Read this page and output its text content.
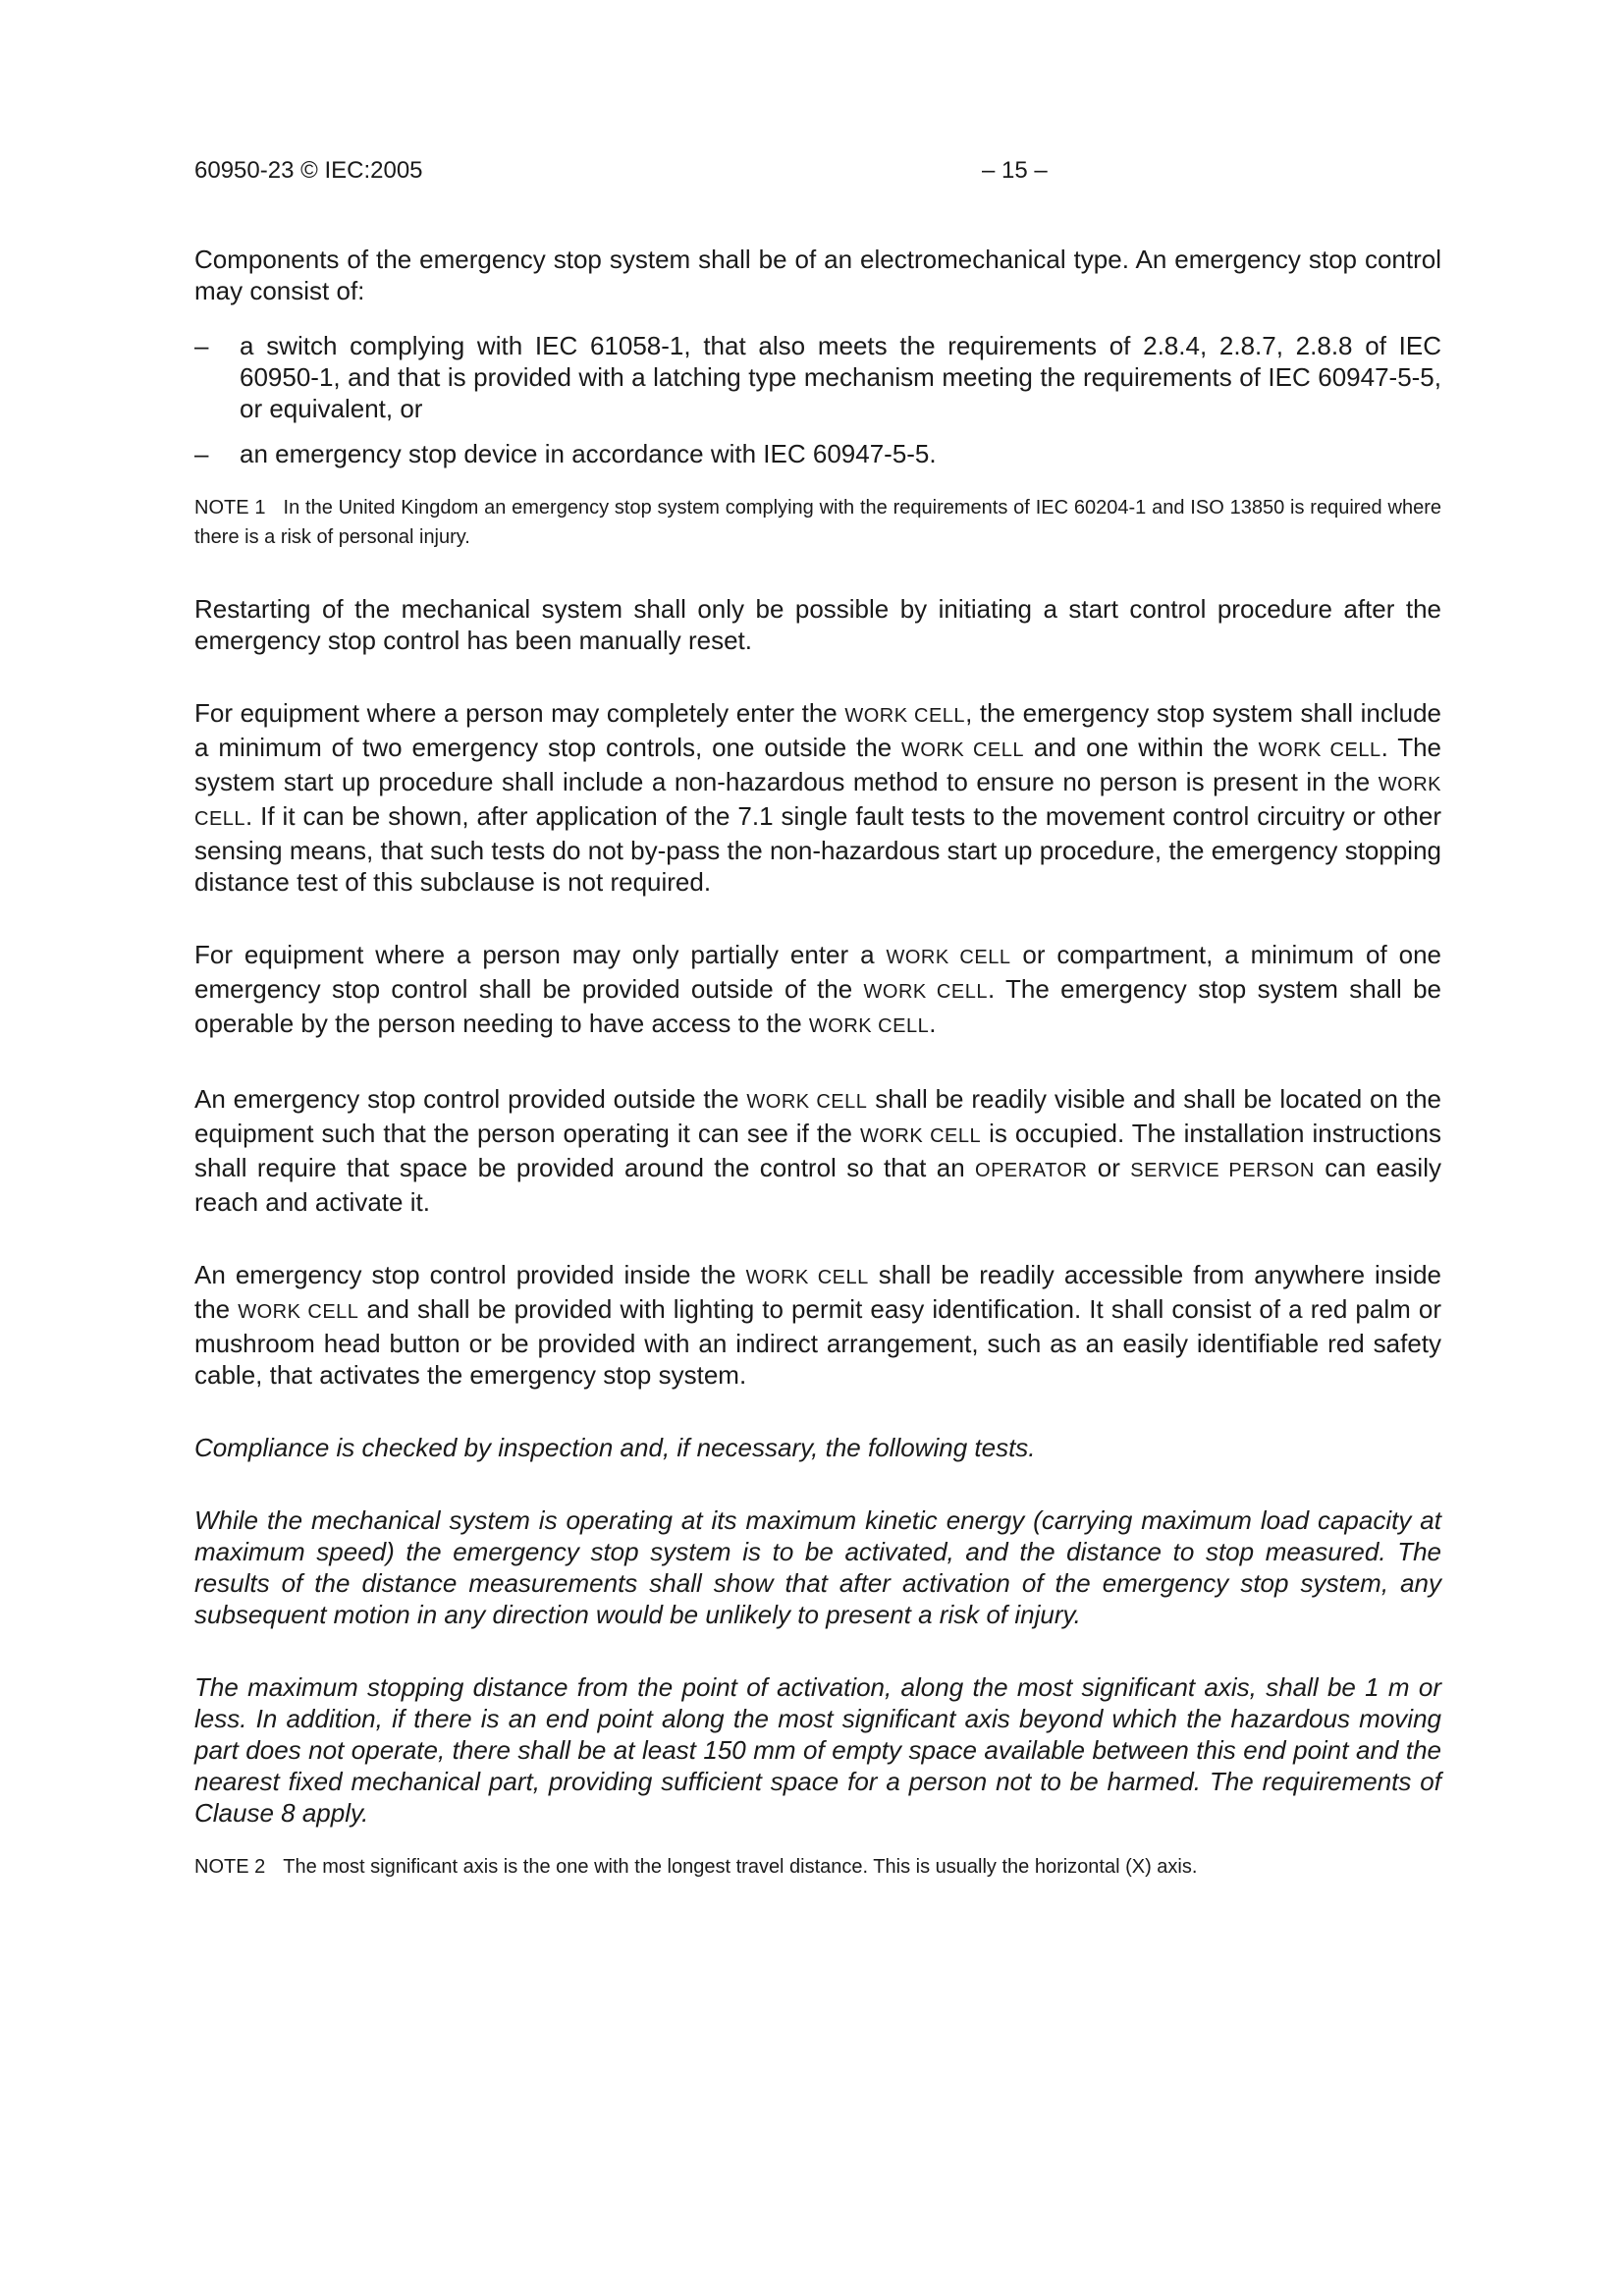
60950-23 © IEC:2005	– 15 –

Components of the emergency stop system shall be of an electromechanical type. An emergency stop control may consist of:

– a switch complying with IEC 61058-1, that also meets the requirements of 2.8.4, 2.8.7, 2.8.8 of IEC 60950-1, and that is provided with a latching type mechanism meeting the requirements of IEC 60947-5-5, or equivalent, or
– an emergency stop device in accordance with IEC 60947-5-5.
NOTE 1 In the United Kingdom an emergency stop system complying with the requirements of IEC 60204-1 and ISO 13850 is required where there is a risk of personal injury.

Restarting of the mechanical system shall only be possible by initiating a start control procedure after the emergency stop control has been manually reset.

For equipment where a person may completely enter the WORK CELL, the emergency stop system shall include a minimum of two emergency stop controls, one outside the WORK CELL and one within the WORK CELL. The system start up procedure shall include a non-hazardous method to ensure no person is present in the WORK CELL. If it can be shown, after application of the 7.1 single fault tests to the movement control circuitry or other sensing means, that such tests do not by-pass the non-hazardous start up procedure, the emergency stopping distance test of this subclause is not required.

For equipment where a person may only partially enter a WORK CELL or compartment, a minimum of one emergency stop control shall be provided outside of the WORK CELL. The emergency stop system shall be operable by the person needing to have access to the WORK CELL.

An emergency stop control provided outside the WORK CELL shall be readily visible and shall be located on the equipment such that the person operating it can see if the WORK CELL is occupied. The installation instructions shall require that space be provided around the control so that an OPERATOR or SERVICE PERSON can easily reach and activate it.

An emergency stop control provided inside the WORK CELL shall be readily accessible from anywhere inside the WORK CELL and shall be provided with lighting to permit easy identification. It shall consist of a red palm or mushroom head button or be provided with an indirect arrangement, such as an easily identifiable red safety cable, that activates the emergency stop system.

Compliance is checked by inspection and, if necessary, the following tests.

While the mechanical system is operating at its maximum kinetic energy (carrying maximum load capacity at maximum speed) the emergency stop system is to be activated, and the distance to stop measured. The results of the distance measurements shall show that after activation of the emergency stop system, any subsequent motion in any direction would be unlikely to present a risk of injury.

The maximum stopping distance from the point of activation, along the most significant axis, shall be 1 m or less. In addition, if there is an end point along the most significant axis beyond which the hazardous moving part does not operate, there shall be at least 150 mm of empty space available between this end point and the nearest fixed mechanical part, providing sufficient space for a person not to be harmed. The requirements of Clause 8 apply.

NOTE 2 The most significant axis is the one with the longest travel distance. This is usually the horizontal (X) axis.
